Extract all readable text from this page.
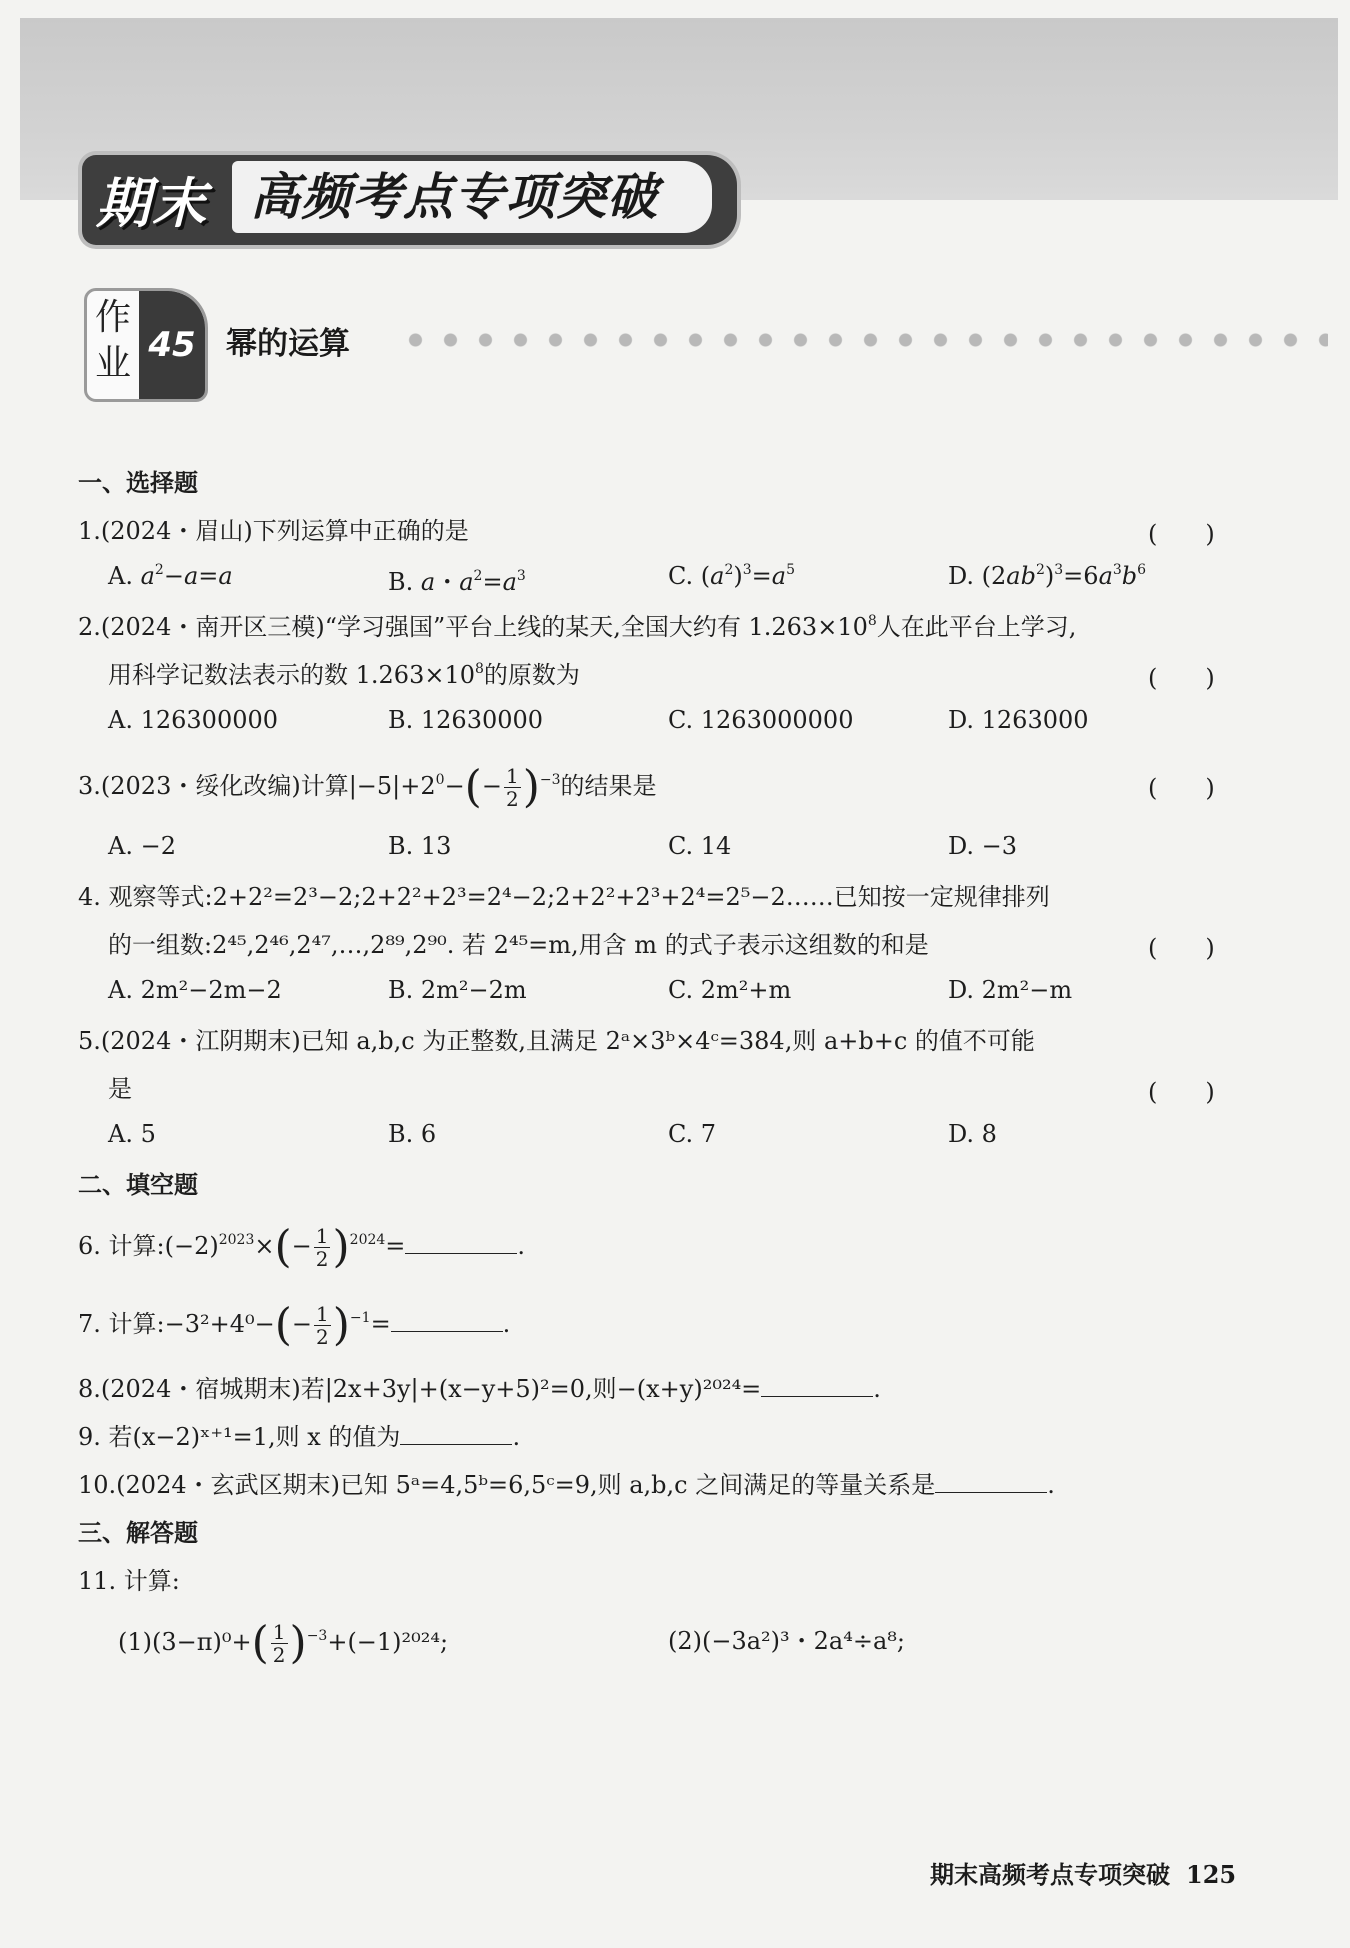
期末 高频考点专项突破
作业 45 幂的运算
一、选择题
1.(2024・眉山)下列运算中正确的是	(　　)
A. $a^2-a=a$	B. a・$a^2=a^3$	C. $(a^2)^3=a^5$	D. $(2ab^2)^3=6a^3b^6$
2.(2024・南开区三模)“学习强国”平台上线的某天,全国大约有 $1.263\times 10^8$人在此平台上学习,
用科学记数法表示的数 $1.263\times 10^8$的原数为	(　　)
A. 126300000	B. 12630000	C. 1263000000	D. 1263000
3.(2023・绥化改编)计算$|-5|+2^0-(- \frac{1}{2} )^{-3}$的结果是	(　　)
A. −2	B. 13	C. 14	D. −3
4. 观察等式:2+2²=2³−2;2+2²+2³=2⁴−2;2+2²+2³+2⁴=2⁵−2……已知按一定规律排列
的一组数:2⁴⁵,2⁴⁶,2⁴⁷,…,2⁸⁹,2⁹⁰. 若 2⁴⁵=m,用含 m 的式子表示这组数的和是	(　　)
A. 2m²−2m−2	B. 2m²−2m	C. 2m²+m	D. 2m²−m
5.(2024・江阴期末)已知 a,b,c 为正整数,且满足 2ᵃ×3ᵇ×4ᶜ=384,则 a+b+c 的值不可能
是	(　　)
A. 5	B. 6	C. 7	D. 8
二、填空题
6. 计算$:(-2)^{2023}\times(- \frac{1}{2} )^{2024}=$	.
7. 计算:−3²+4⁰−(− $\frac{1}{2} )^{-1}=$	.
8.(2024・宿城期末)若|2x+3y|+(x−y+5)²=0,则−(x+y)²⁰²⁴=	.
9. 若(x−2)ˣ⁺¹=1,则 x 的值为	.
10.(2024・玄武区期末)已知 5ᵃ=4,5ᵇ=6,5ᶜ=9,则 a,b,c 之间满足的等量关系是	.
三、解答题
11. 计算:
$(1)(3-\pi)^0+( \frac{1}{2} )^{-3}+(-1)^{2024}$;	(2)(−3a²)³・2a⁴÷a⁸;
期末高频考点专项突破 125
